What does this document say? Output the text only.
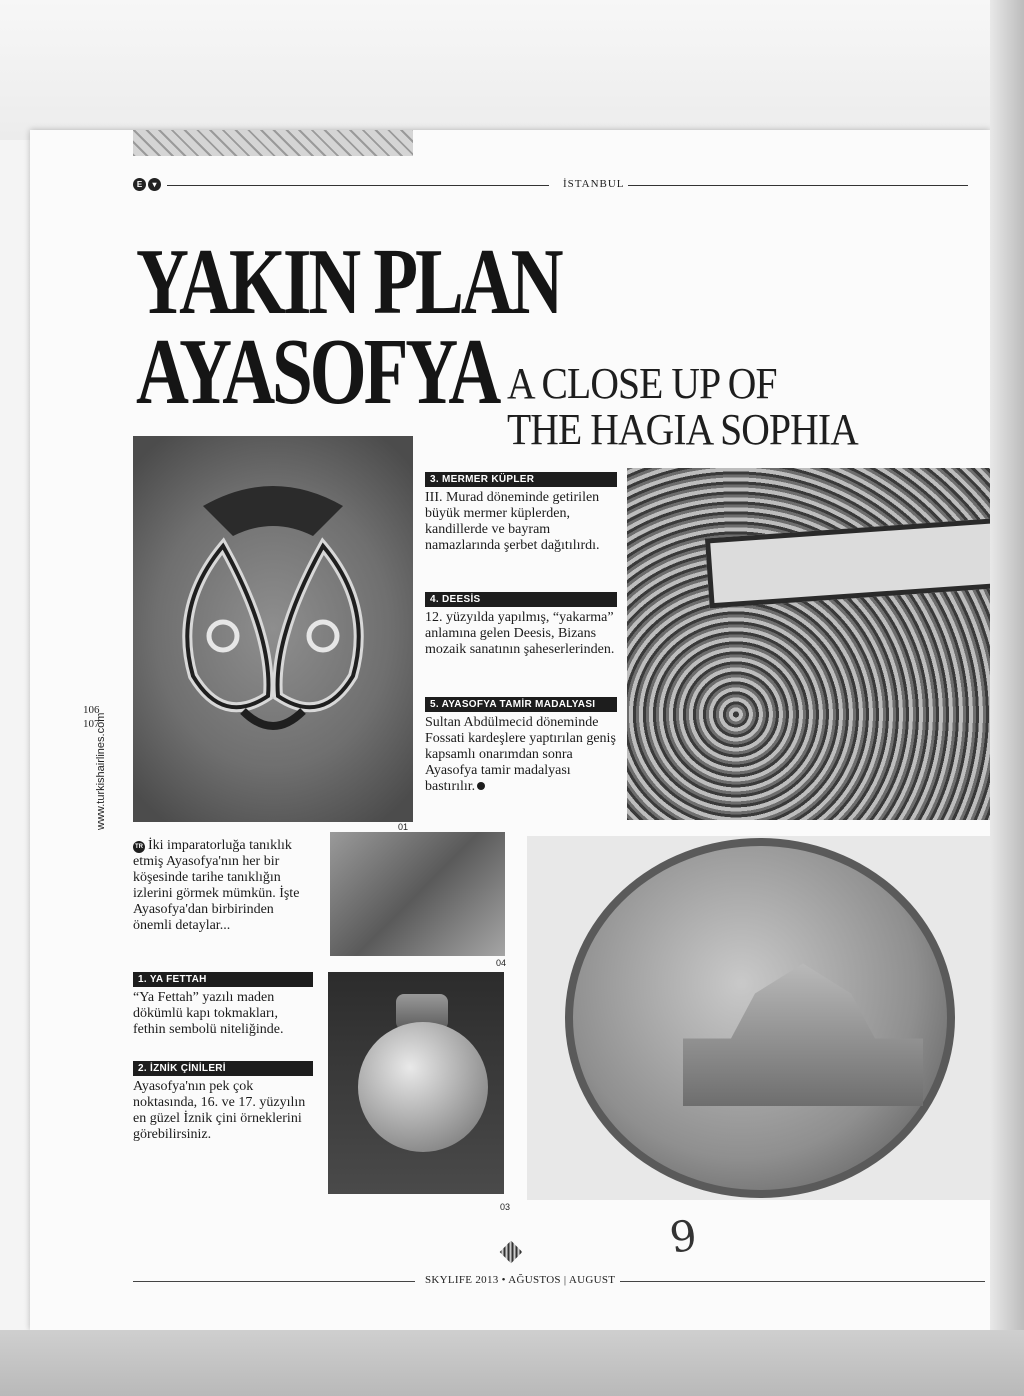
E	▾	İSTANBUL
YAKIN PLAN
AYASOFYA A CLOSE UP OF
THE HAGIA SOPHIA
01
04
03
3. MERMER KÜPLER

III. Murad döneminde getirilen büyük mermer küplerden, kandillerde ve bayram namazlarında şerbet dağıtılırdı.

4. DEESİS

12. yüzyılda yapılmış, “yakarma” anlamına gelen Deesis, Bizans mozaik sanatının şaheserlerinden.

5. AYASOFYA TAMİR MADALYASI

Sultan Abdülmecid döneminde Fossati kardeşlere yaptırılan geniş kapsamlı onarımdan sonra Ayasofya tamir madalyası bastırılır.

TR İki imparatorluğa tanıklık etmiş Ayasofya'nın her bir köşesinde tarihe tanıklığın izlerini görmek mümkün. İşte Ayasofya'dan birbirinden önemli detaylar...
1. YA FETTAH

“Ya Fettah” yazılı maden dökümlü kapı tokmakları, fethin sembolü niteliğinde.

2. İZNİK ÇİNİLERİ

Ayasofya'nın pek çok noktasında, 16. ve 17. yüzyılın en güzel İznik çini örneklerini görebilirsiniz.

106
107
www.turkishairlines.com
SKYLIFE 2013 • AĞUSTOS | AUGUST
9
